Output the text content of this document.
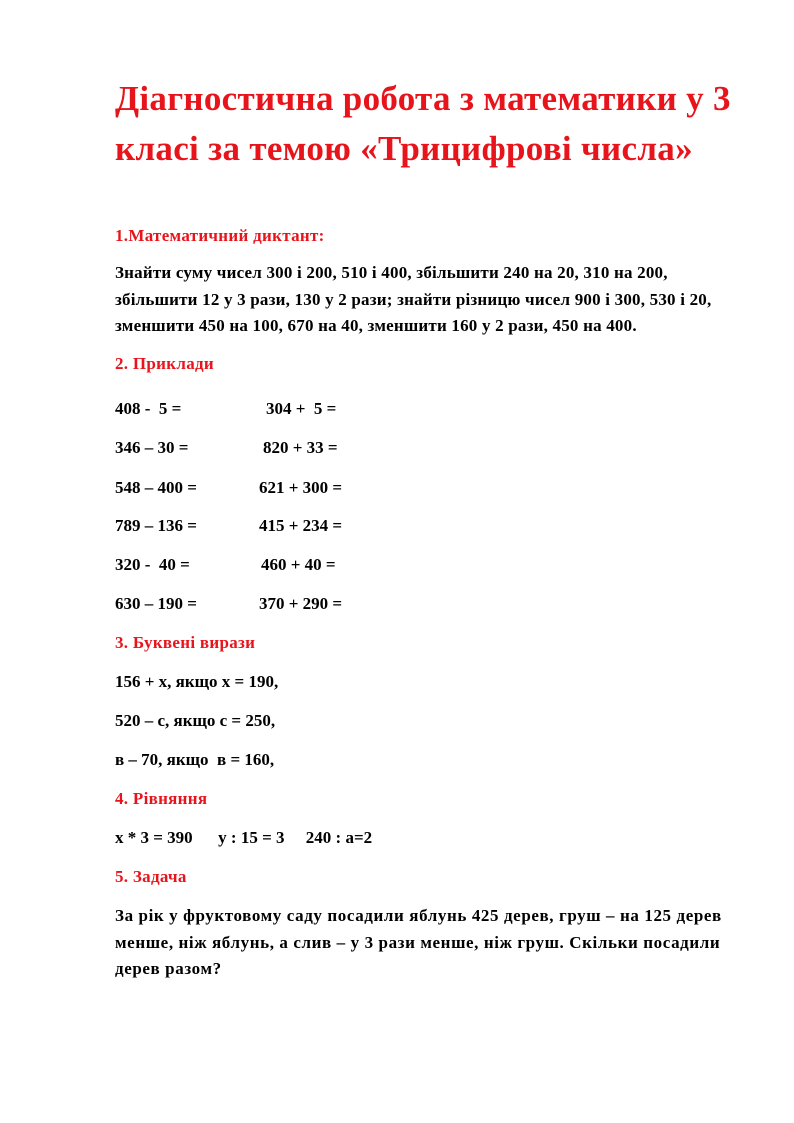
Діагностична робота з математики у 3 класі за темою «Трицифрові числа»
1.Математичний диктант:

Знайти суму чисел 300 і 200, 510 і 400, збільшити 240 на 20, 310 на 200, збільшити 12 у 3 рази, 130 у 2 рази; знайти різницю чисел 900 і 300, 530 і 20, зменшити 450 на 100, 670 на 40, зменшити 160 у 2 рази, 450 на 400.

2. Приклади

408 -  5 =	304 +  5 =

346 – 30 =	820 + 33 =

548 – 400 =	621 + 300 =

789 – 136 =	415 + 234 =

320 -  40 =	460 + 40 =

630 – 190 =	370 + 290 =

3. Буквені вирази

156 + х, якщо х = 190,

520 – с, якщо с = 250,

в – 70, якщо  в = 160,

4. Рівняння

х * 3 = 390      у : 15 = 3     240 : а=2

5. Задача

За рік у фруктовому саду посадили яблунь 425 дерев, груш – на 125 дерев менше, ніж яблунь, а слив – у 3 рази менше, ніж груш. Скільки посадили дерев разом?
